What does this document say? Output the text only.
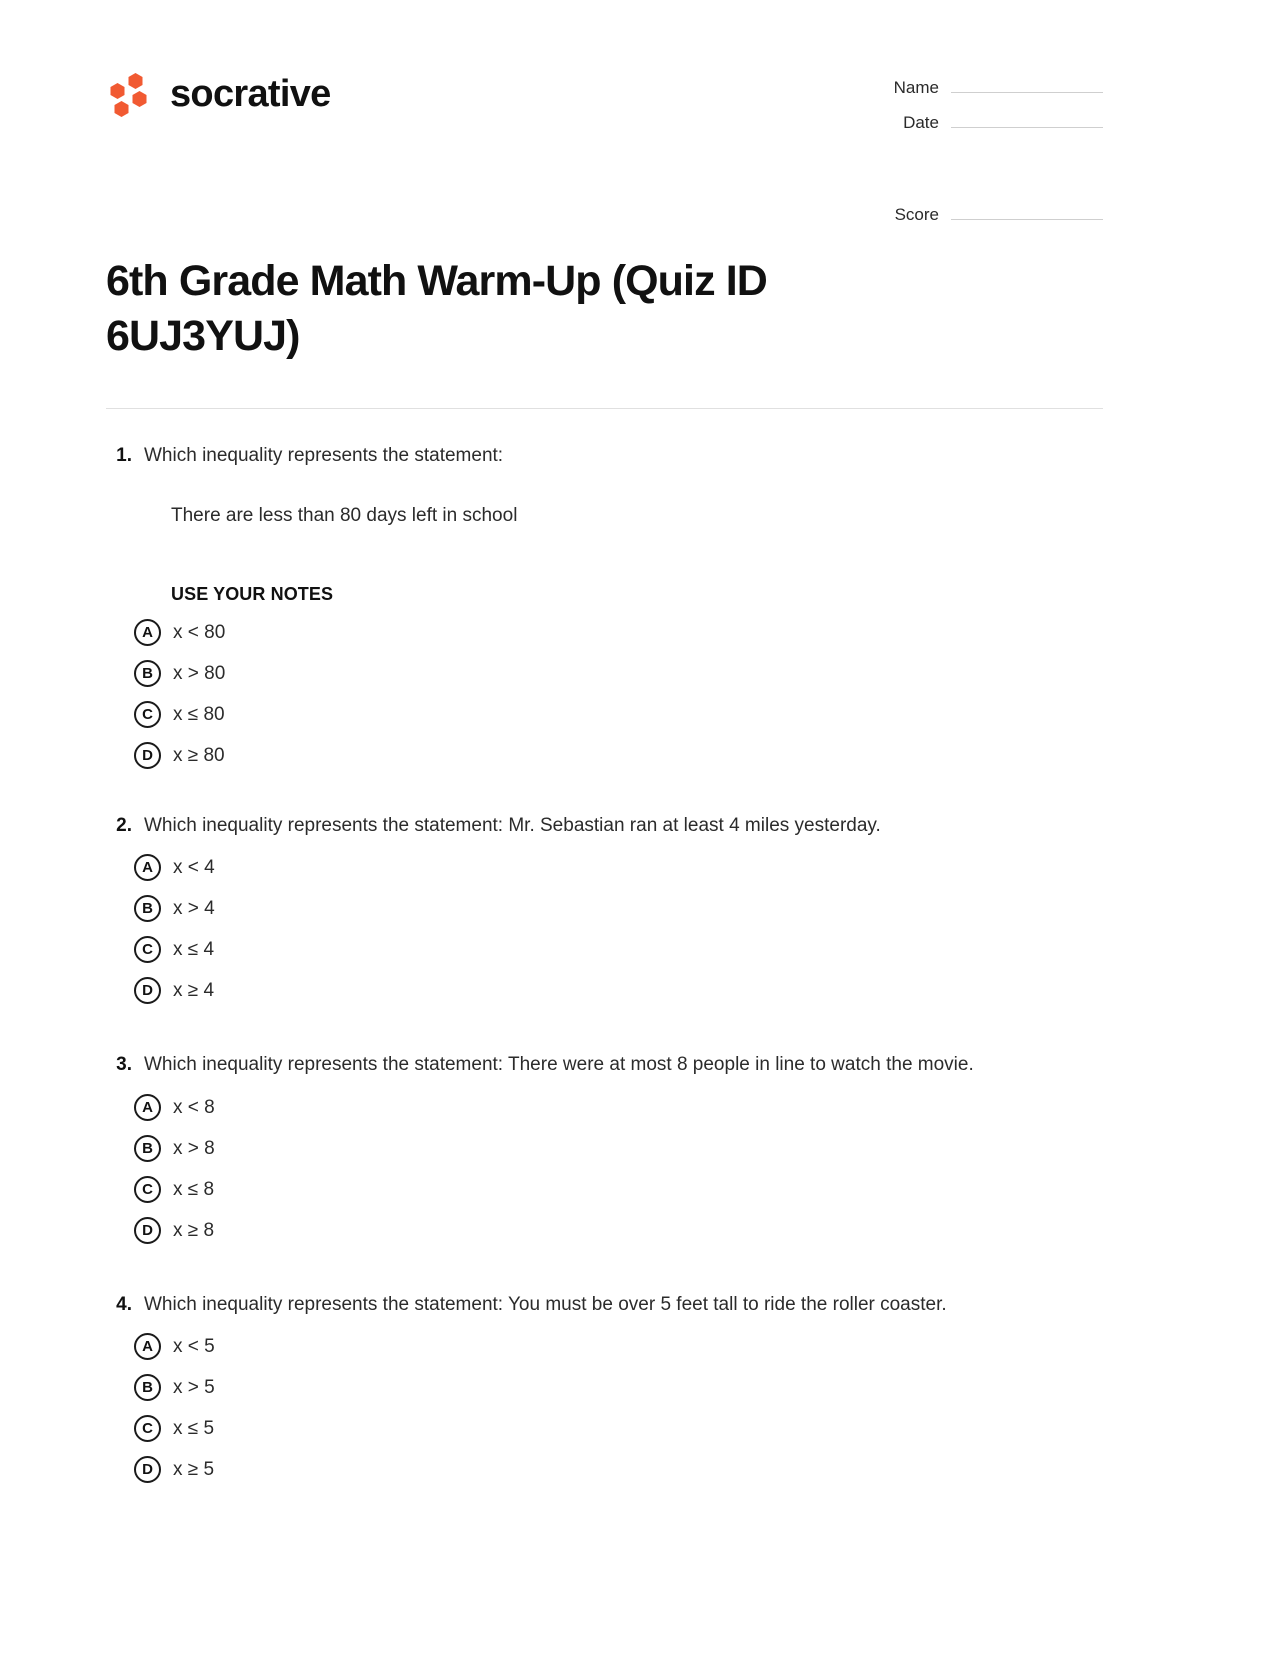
socrative	Name
Date
Score
6th Grade Math Warm-Up (Quiz ID 6UJ3YUJ)
1. Which inequality represents the statement:
There are less than 80 days left in school
USE YOUR NOTES
A	x < 80
B	x > 80
C	x ≤ 80
D	x ≥ 80
2. Which inequality represents the statement: Mr. Sebastian ran at least 4 miles yesterday.
A	x < 4
B	x > 4
C	x ≤ 4
D	x ≥ 4
3. Which inequality represents the statement: There were at most 8 people in line to watch the movie.
A	x < 8
B	x > 8
C	x ≤ 8
D	x ≥ 8
4. Which inequality represents the statement: You must be over 5 feet tall to ride the roller coaster.
A	x < 5
B	x > 5
C	x ≤ 5
D	x ≥ 5
